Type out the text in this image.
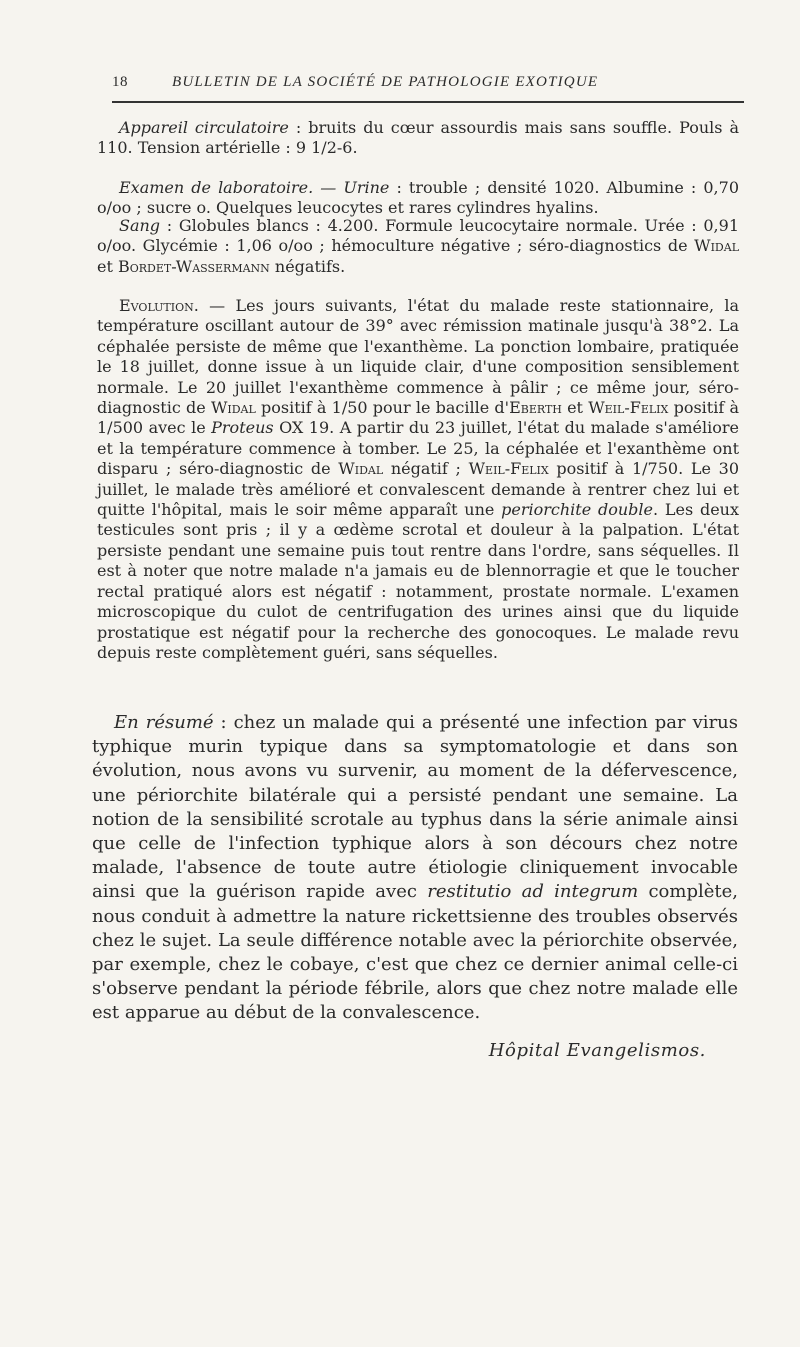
18	BULLETIN DE LA SOCIÉTÉ DE PATHOLOGIE EXOTIQUE

Appareil circulatoire : bruits du cœur assourdis mais sans souffle. Pouls à 110. Tension artérielle : 9 1/2-6.

Examen de laboratoire. — Urine : trouble ; densité 1020. Albumine : 0,70 o/oo ; sucre o. Quelques leucocytes et rares cylindres hyalins.

Sang : Globules blancs : 4.200. Formule leucocytaire normale. Urée : 0,91 o/oo. Glycémie : 1,06 o/oo ; hémoculture négative ; séro-diagnostics de Widal et Bordet-Wassermann négatifs.

Evolution. — Les jours suivants, l'état du malade reste stationnaire, la température oscillant autour de 39° avec rémission matinale jusqu'à 38°2. La céphalée persiste de même que l'exanthème. La ponction lombaire, pratiquée le 18 juillet, donne issue à un liquide clair, d'une composition sensiblement normale. Le 20 juillet l'exanthème commence à pâlir ; ce même jour, séro-diagnostic de Widal positif à 1/50 pour le bacille d'Eberth et Weil-Felix positif à 1/500 avec le Proteus OX 19. A partir du 23 juillet, l'état du malade s'améliore et la température commence à tomber. Le 25, la céphalée et l'exanthème ont disparu ; séro-diagnostic de Widal négatif ; Weil-Felix positif à 1/750. Le 30 juillet, le malade très amélioré et convalescent demande à rentrer chez lui et quitte l'hôpital, mais le soir même apparaît une periorchite double. Les deux testicules sont pris ; il y a œdème scrotal et douleur à la palpation. L'état persiste pendant une semaine puis tout rentre dans l'ordre, sans séquelles. Il est à noter que notre malade n'a jamais eu de blennorragie et que le toucher rectal pratiqué alors est négatif : notamment, prostate normale. L'examen microscopique du culot de centrifugation des urines ainsi que du liquide prostatique est négatif pour la recherche des gonocoques. Le malade revu depuis reste complètement guéri, sans séquelles.

En résumé : chez un malade qui a présenté une infection par virus typhique murin typique dans sa symptomatologie et dans son évolution, nous avons vu survenir, au moment de la défervescence, une périorchite bilatérale qui a persisté pendant une semaine. La notion de la sensibilité scrotale au typhus dans la série animale ainsi que celle de l'infection typhique alors à son décours chez notre malade, l'absence de toute autre étiologie cliniquement invocable ainsi que la guérison rapide avec restitutio ad integrum complète, nous conduit à admettre la nature rickettsienne des troubles observés chez le sujet. La seule différence notable avec la périorchite observée, par exemple, chez le cobaye, c'est que chez ce dernier animal celle-ci s'observe pendant la période fébrile, alors que chez notre malade elle est apparue au début de la convalescence.

Hôpital Evangelismos.
